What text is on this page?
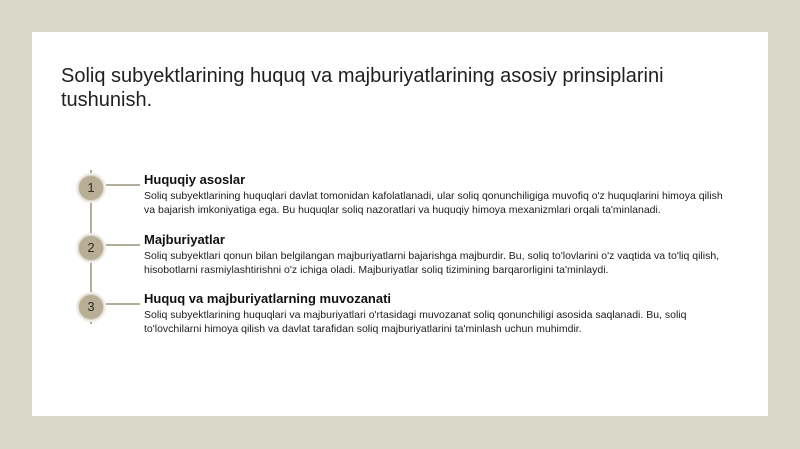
Soliq subyektlarining huquq va majburiyatlarining asosiy prinsiplarini tushunish.
1

Huquqiy asoslar

Soliq subyektlarining huquqlari davlat tomonidan kafolatlanadi, ular soliq qonunchiligiga muvofiq o'z huquqlarini himoya qilish va bajarish imkoniyatiga ega. Bu huquqlar soliq nazoratlari va huquqiy himoya mexanizmlari orqali ta'minlanadi.

2

Majburiyatlar

Soliq subyektlari qonun bilan belgilangan majburiyatlarni bajarishga majburdir. Bu, soliq to'lovlarini o'z vaqtida va to'liq qilish, hisobotlarni rasmiylashtirishni o'z ichiga oladi. Majburiyatlar soliq tizimining barqarorligini ta'minlaydi.

3

Huquq va majburiyatlarning muvozanati

Soliq subyektlarining huquqlari va majburiyatlari o'rtasidagi muvozanat soliq qonunchiligi asosida saqlanadi. Bu, soliq to'lovchilarni himoya qilish va davlat tarafidan soliq majburiyatlarini ta'minlash uchun muhimdir.
